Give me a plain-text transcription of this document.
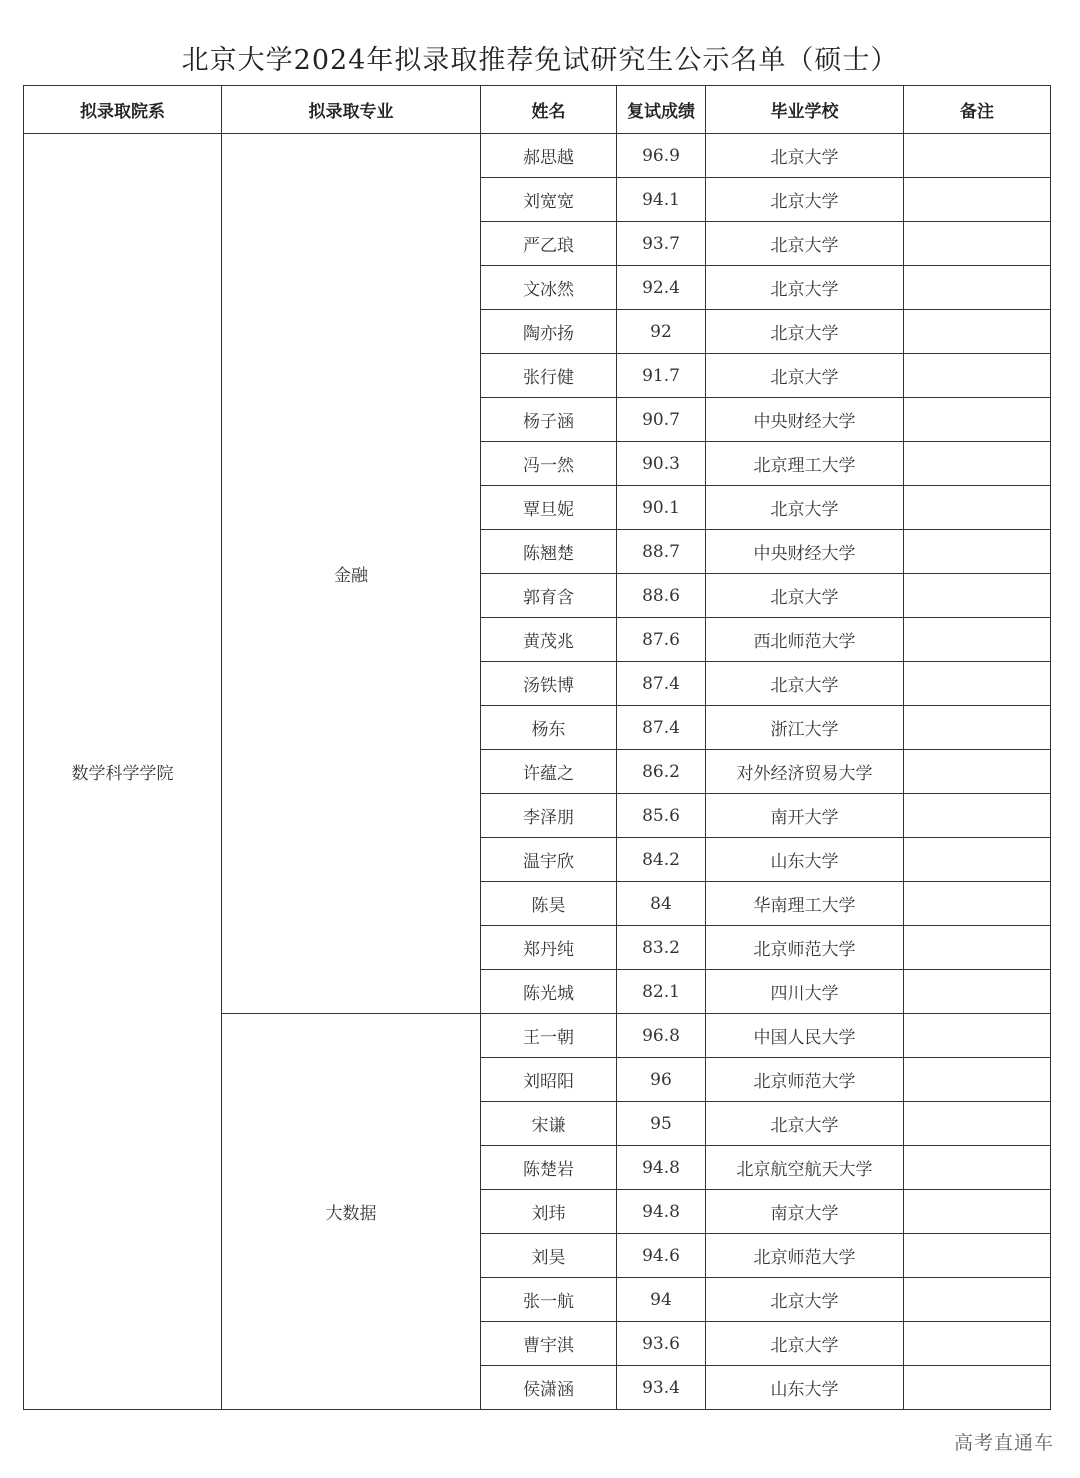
北京大学2024年拟录取推荐免试研究生公示名单（硕士）
拟录取院系	拟录取专业	姓名	复试成绩	毕业学校	备注
数学科学学院	金融	郝思越	96.9	北京大学	
		刘宽宽	94.1	北京大学	
		严乙琅	93.7	北京大学	
		文冰然	92.4	北京大学	
		陶亦扬	92	北京大学	
		张行健	91.7	北京大学	
		杨子涵	90.7	中央财经大学	
		冯一然	90.3	北京理工大学	
		覃旦妮	90.1	北京大学	
		陈翘楚	88.7	中央财经大学	
		郭育含	88.6	北京大学	
		黄茂兆	87.6	西北师范大学	
		汤铁博	87.4	北京大学	
		杨东	87.4	浙江大学	
		许蕴之	86.2	对外经济贸易大学	
		李泽朋	85.6	南开大学	
		温宇欣	84.2	山东大学	
		陈昊	84	华南理工大学	
		郑丹纯	83.2	北京师范大学	
		陈光城	82.1	四川大学	
	大数据	王一朝	96.8	中国人民大学	
		刘昭阳	96	北京师范大学	
		宋谦	95	北京大学	
		陈楚岩	94.8	北京航空航天大学	
		刘玮	94.8	南京大学	
		刘昊	94.6	北京师范大学	
		张一航	94	北京大学	
		曹宇淇	93.6	北京大学	
		侯潇涵	93.4	山东大学	
高考直通车
